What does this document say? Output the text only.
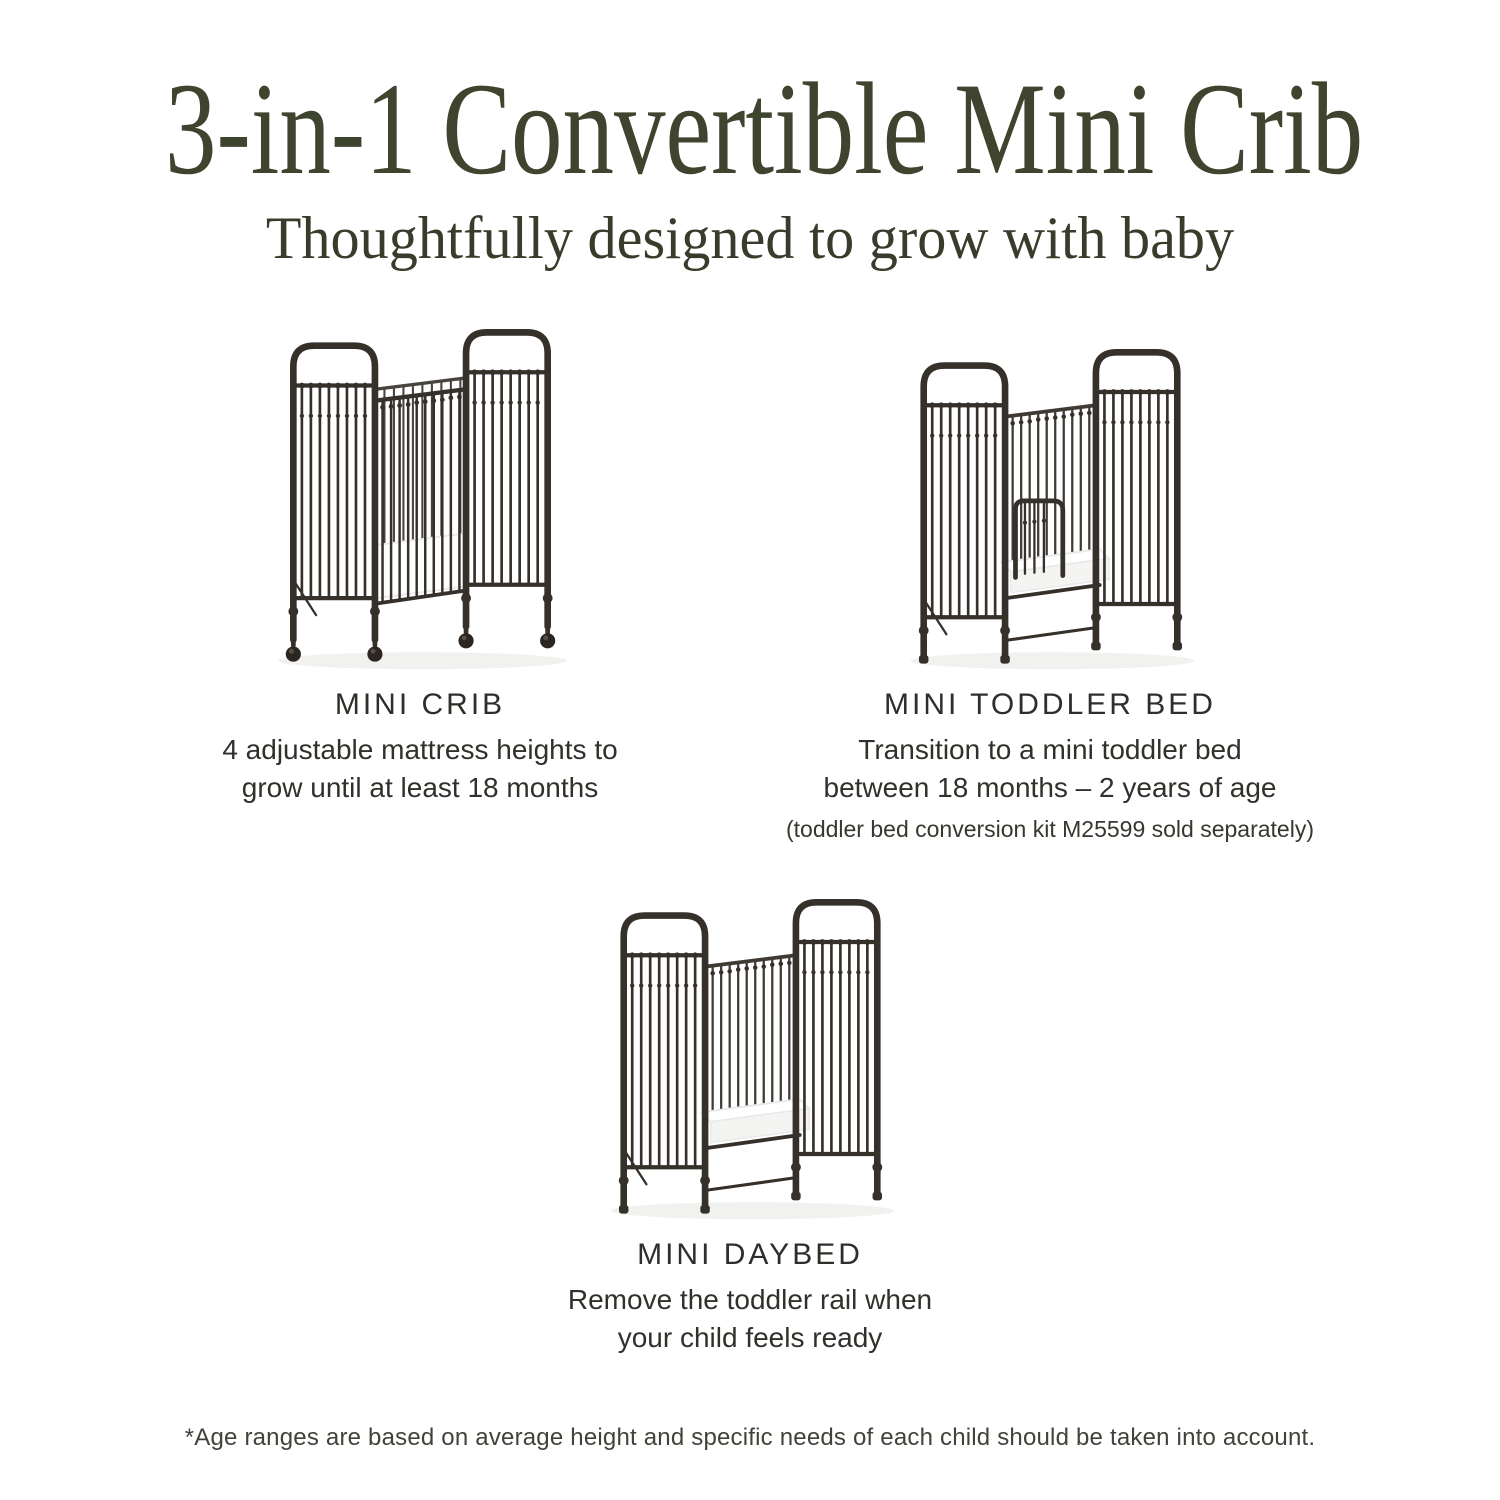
3-in-1 Convertible Mini Crib
Thoughtfully designed to grow with baby
MINI CRIB
4 adjustable mattress heights to
grow until at least 18 months
MINI TODDLER BED
Transition to a mini toddler bed
between 18 months – 2 years of age
(toddler bed conversion kit M25599 sold separately)
MINI DAYBED
Remove the toddler rail when
your child feels ready
*Age ranges are based on average height and specific needs of each child should be taken into account.
